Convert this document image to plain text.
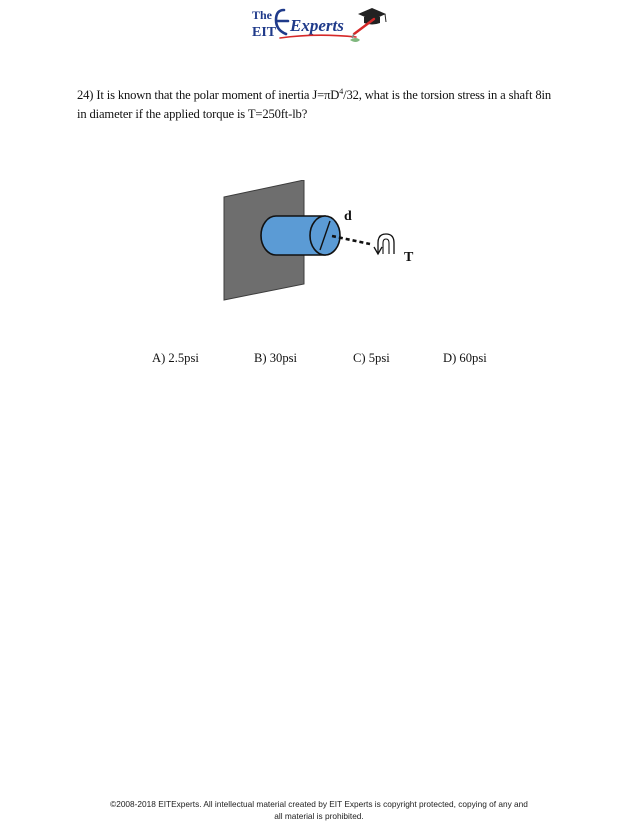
The
EIT Experts
24) It is known that the polar moment of inertia $J=\pi D^4/32$, what is the torsion stress in a shaft 8in
in diameter if the applied torque is T=250ft-lb?
d
T
A) 2.5psi	B) 30psi	C) 5psi	D) 60psi
©2008-2018 EITExperts. All intellectual material created by EIT Experts is copyright protected, copying of any and
all material is prohibited.
